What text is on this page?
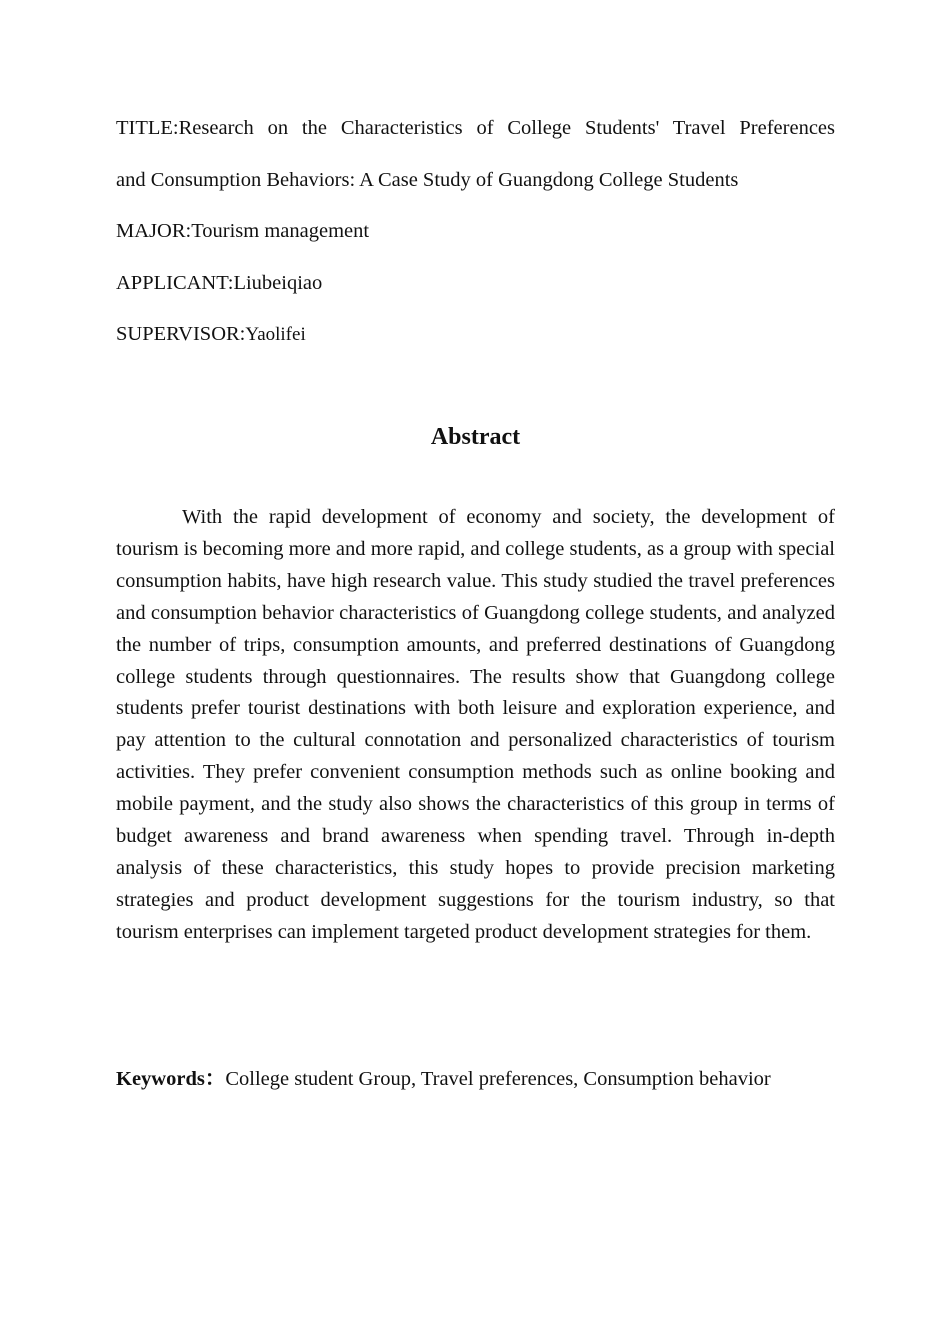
TITLE:Research on the Characteristics of College Students' Travel Preferences

and Consumption Behaviors: A Case Study of Guangdong College Students

MAJOR:Tourism management

APPLICANT:Liubeiqiao

SUPERVISOR:Yaolifei

Abstract

With the rapid development of economy and society, the development of tourism is becoming more and more rapid, and college students, as a group with special consumption habits, have high research value. This study studied the travel preferences and consumption behavior characteristics of Guangdong college students, and analyzed the number of trips, consumption amounts, and preferred destinations of Guangdong college students through questionnaires. The results show that Guangdong college students prefer tourist destinations with both leisure and exploration experience, and pay attention to the cultural connotation and personalized characteristics of tourism activities. They prefer convenient consumption methods such as online booking and mobile payment, and the study also shows the characteristics of this group in terms of budget awareness and brand awareness when spending travel. Through in-depth analysis of these characteristics, this study hopes to provide precision marketing strategies and product development suggestions for the tourism industry, so that tourism enterprises can implement targeted product development strategies for them.

Keywords：College student Group, Travel preferences, Consumption behavior
